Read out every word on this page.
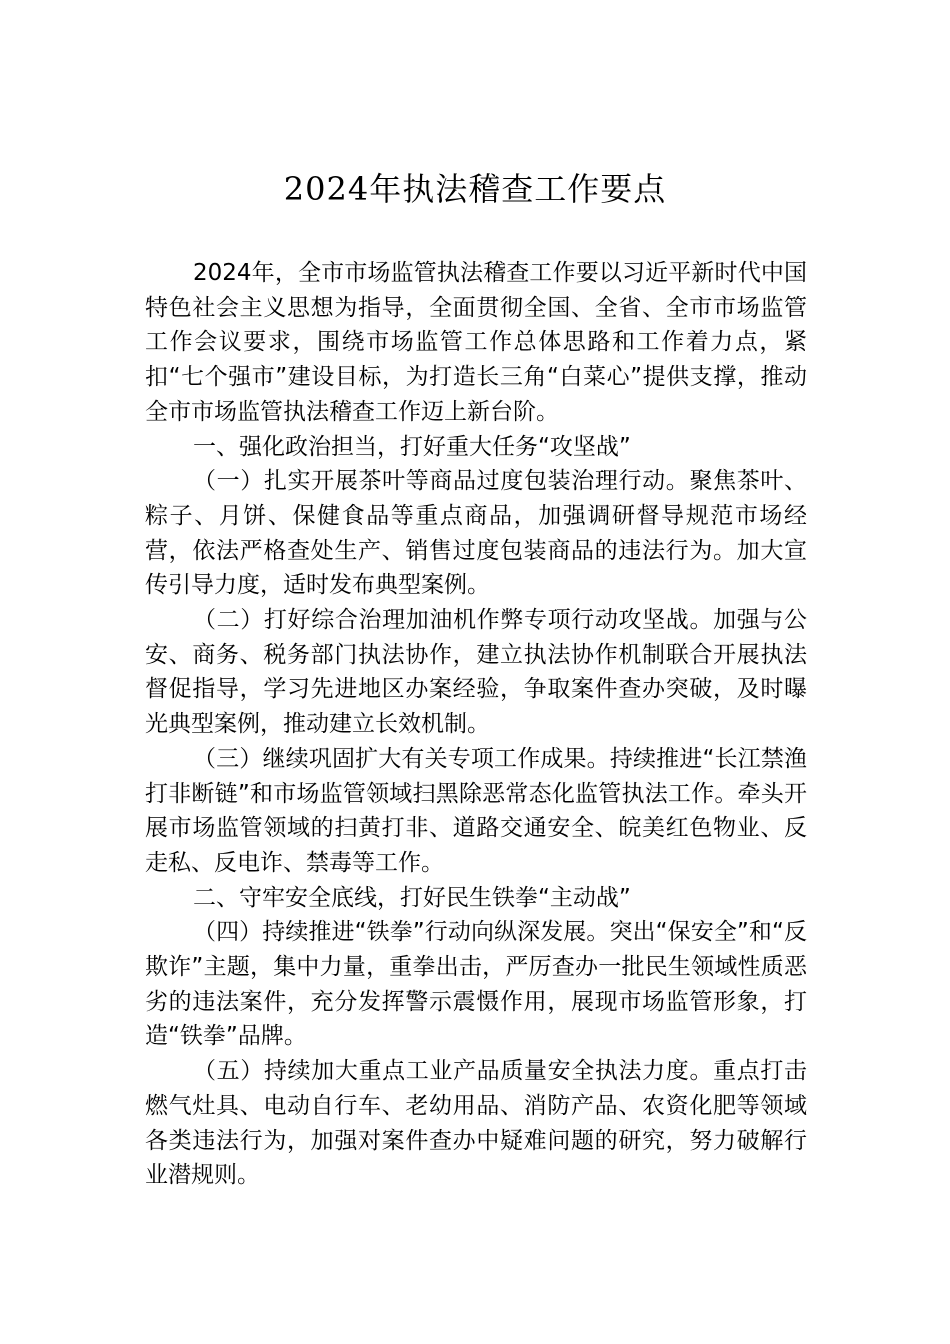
2024年执法稽查工作要点

2024年，全市市场监管执法稽查工作要以习近平新时代中国特色社会主义思想为指导，全面贯彻全国、全省、全市市场监管工作会议要求，围绕市场监管工作总体思路和工作着力点，紧扣“七个强市”建设目标，为打造长三角“白菜心”提供支撑，推动全市市场监管执法稽查工作迈上新台阶。

一、强化政治担当，打好重大任务“攻坚战”

（一）扎实开展茶叶等商品过度包装治理行动。聚焦茶叶、粽子、月饼、保健食品等重点商品，加强调研督导规范市场经营，依法严格查处生产、销售过度包装商品的违法行为。加大宣传引导力度，适时发布典型案例。

（二）打好综合治理加油机作弊专项行动攻坚战。加强与公安、商务、税务部门执法协作，建立执法协作机制联合开展执法督促指导，学习先进地区办案经验，争取案件查办突破，及时曝光典型案例，推动建立长效机制。

（三）继续巩固扩大有关专项工作成果。持续推进“长江禁渔 打非断链”和市场监管领域扫黑除恶常态化监管执法工作。牵头开展市场监管领域的扫黄打非、道路交通安全、皖美红色物业、反走私、反电诈、禁毒等工作。

二、守牢安全底线，打好民生铁拳“主动战”

（四）持续推进“铁拳”行动向纵深发展。突出“保安全”和“反欺诈”主题，集中力量，重拳出击，严厉查办一批民生领域性质恶劣的违法案件，充分发挥警示震慑作用，展现市场监管形象，打造“铁拳”品牌。

（五）持续加大重点工业产品质量安全执法力度。重点打击燃气灶具、电动自行车、老幼用品、消防产品、农资化肥等领域各类违法行为，加强对案件查办中疑难问题的研究，努力破解行业潜规则。
